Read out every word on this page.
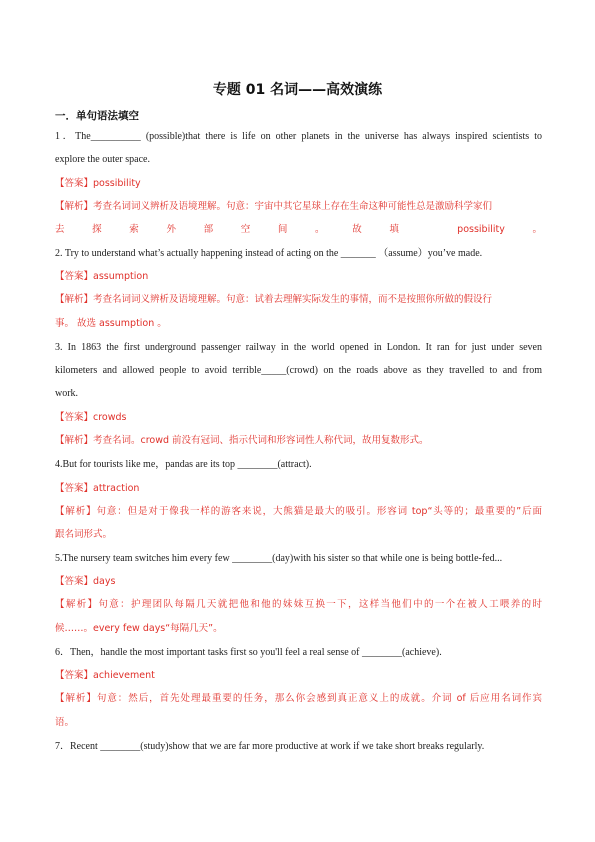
专题 01 名词——高效演练
一．单句语法填空
1．The__________ (possible)that there is life on other planets in the universe has always inspired scientists to
explore the outer space.
【答案】possibility
【解析】考查名词词义辨析及语境理解。句意：宇宙中其它星球上存在生命这种可能性总是激励科学家们
去探索外部空间。故填 possibility。
2. Try to understand what’s actually happening instead of acting on the _______ （assume）you’ve made.
【答案】assumption
【解析】考查名词词义辨析及语境理解。句意：试着去理解实际发生的事情，而不是按照你所做的假设行
事。 故选 assumption 。
3. In 1863 the first underground passenger railway in the world opened in London. It ran for just under seven
kilometers and allowed people to avoid terrible_____(crowd) on the roads above as they travelled to and from
work.
【答案】crowds
【解析】考查名词。crowd 前没有冠词、指示代词和形容词性人称代词，故用复数形式。
4.But for tourists like me，pandas are its top ________(attract).
【答案】attraction
【解析】句意：但是对于像我一样的游客来说，大熊猫是最大的吸引。形容词 top“头等的；最重要的”后面
跟名词形式。
5.The nursery team switches him every few ________(day)with his sister so that while one is being bottle-fed...
【答案】days
【解析】句意：护理团队每隔几天就把他和他的妹妹互换一下，这样当他们中的一个在被人工喂养的时
候……。every few days“每隔几天”。
6．Then，handle the most important tasks first so you'll feel a real sense of ________(achieve).
【答案】achievement
【解析】句意：然后，首先处理最重要的任务，那么你会感到真正意义上的成就。介词 of 后应用名词作宾
语。
7．Recent ________(study)show that we are far more productive at work if we take short breaks regularly.
